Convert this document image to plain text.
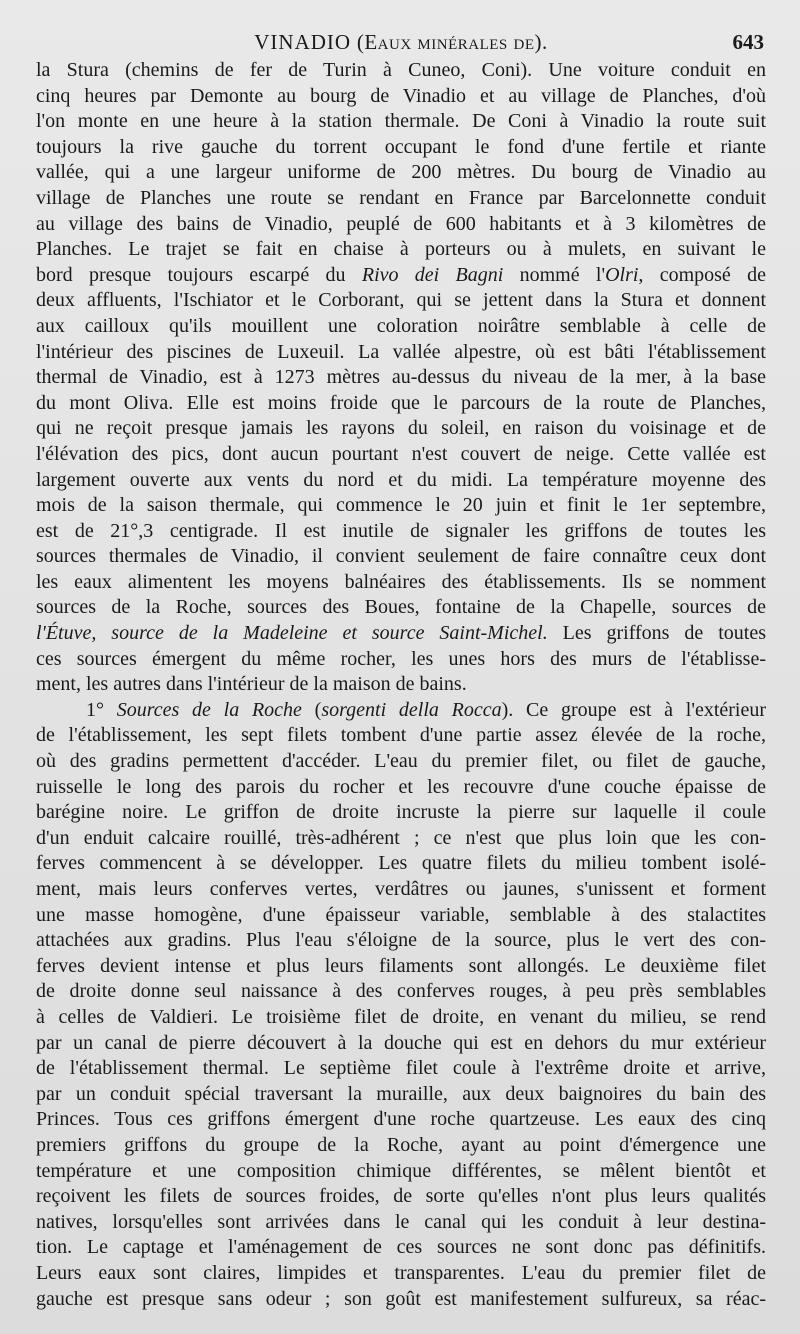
VINADIO (Eaux minérales de).	643
la Stura (chemins de fer de Turin à Cuneo, Coni). Une voiture conduit en
cinq heures par Demonte au bourg de Vinadio et au village de Planches, d'où
l'on monte en une heure à la station thermale. De Coni à Vinadio la route suit
toujours la rive gauche du torrent occupant le fond d'une fertile et riante
vallée, qui a une largeur uniforme de 200 mètres. Du bourg de Vinadio au
village de Planches une route se rendant en France par Barcelonnette conduit
au village des bains de Vinadio, peuplé de 600 habitants et à 3 kilomètres de
Planches. Le trajet se fait en chaise à porteurs ou à mulets, en suivant le
bord presque toujours escarpé du Rivo dei Bagni nommé l'Olri, composé de
deux affluents, l'Ischiator et le Corborant, qui se jettent dans la Stura et donnent
aux cailloux qu'ils mouillent une coloration noirâtre semblable à celle de
l'intérieur des piscines de Luxeuil. La vallée alpestre, où est bâti l'établissement
thermal de Vinadio, est à 1273 mètres au-dessus du niveau de la mer, à la base
du mont Oliva. Elle est moins froide que le parcours de la route de Planches,
qui ne reçoit presque jamais les rayons du soleil, en raison du voisinage et de
l'élévation des pics, dont aucun pourtant n'est couvert de neige. Cette vallée est
largement ouverte aux vents du nord et du midi. La température moyenne des
mois de la saison thermale, qui commence le 20 juin et finit le 1er septembre,
est de 21°,3 centigrade. Il est inutile de signaler les griffons de toutes les
sources thermales de Vinadio, il convient seulement de faire connaître ceux dont
les eaux alimentent les moyens balnéaires des établissements. Ils se nomment
sources de la Roche, sources des Boues, fontaine de la Chapelle, sources de
l'Étuve, source de la Madeleine et source Saint-Michel. Les griffons de toutes
ces sources émergent du même rocher, les unes hors des murs de l'établisse-
ment, les autres dans l'intérieur de la maison de bains.
1° Sources de la Roche (sorgenti della Rocca). Ce groupe est à l'extérieur
de l'établissement, les sept filets tombent d'une partie assez élevée de la roche,
où des gradins permettent d'accéder. L'eau du premier filet, ou filet de gauche,
ruisselle le long des parois du rocher et les recouvre d'une couche épaisse de
barégine noire. Le griffon de droite incruste la pierre sur laquelle il coule
d'un enduit calcaire rouillé, très-adhérent ; ce n'est que plus loin que les con-
ferves commencent à se développer. Les quatre filets du milieu tombent isolé-
ment, mais leurs conferves vertes, verdâtres ou jaunes, s'unissent et forment
une masse homogène, d'une épaisseur variable, semblable à des stalactites
attachées aux gradins. Plus l'eau s'éloigne de la source, plus le vert des con-
ferves devient intense et plus leurs filaments sont allongés. Le deuxième filet
de droite donne seul naissance à des conferves rouges, à peu près semblables
à celles de Valdieri. Le troisième filet de droite, en venant du milieu, se rend
par un canal de pierre découvert à la douche qui est en dehors du mur extérieur
de l'établissement thermal. Le septième filet coule à l'extrême droite et arrive,
par un conduit spécial traversant la muraille, aux deux baignoires du bain des
Princes. Tous ces griffons émergent d'une roche quartzeuse. Les eaux des cinq
premiers griffons du groupe de la Roche, ayant au point d'émergence une
température et une composition chimique différentes, se mêlent bientôt et
reçoivent les filets de sources froides, de sorte qu'elles n'ont plus leurs qualités
natives, lorsqu'elles sont arrivées dans le canal qui les conduit à leur destina-
tion. Le captage et l'aménagement de ces sources ne sont donc pas définitifs.
Leurs eaux sont claires, limpides et transparentes. L'eau du premier filet de
gauche est presque sans odeur ; son goût est manifestement sulfureux, sa réac-
